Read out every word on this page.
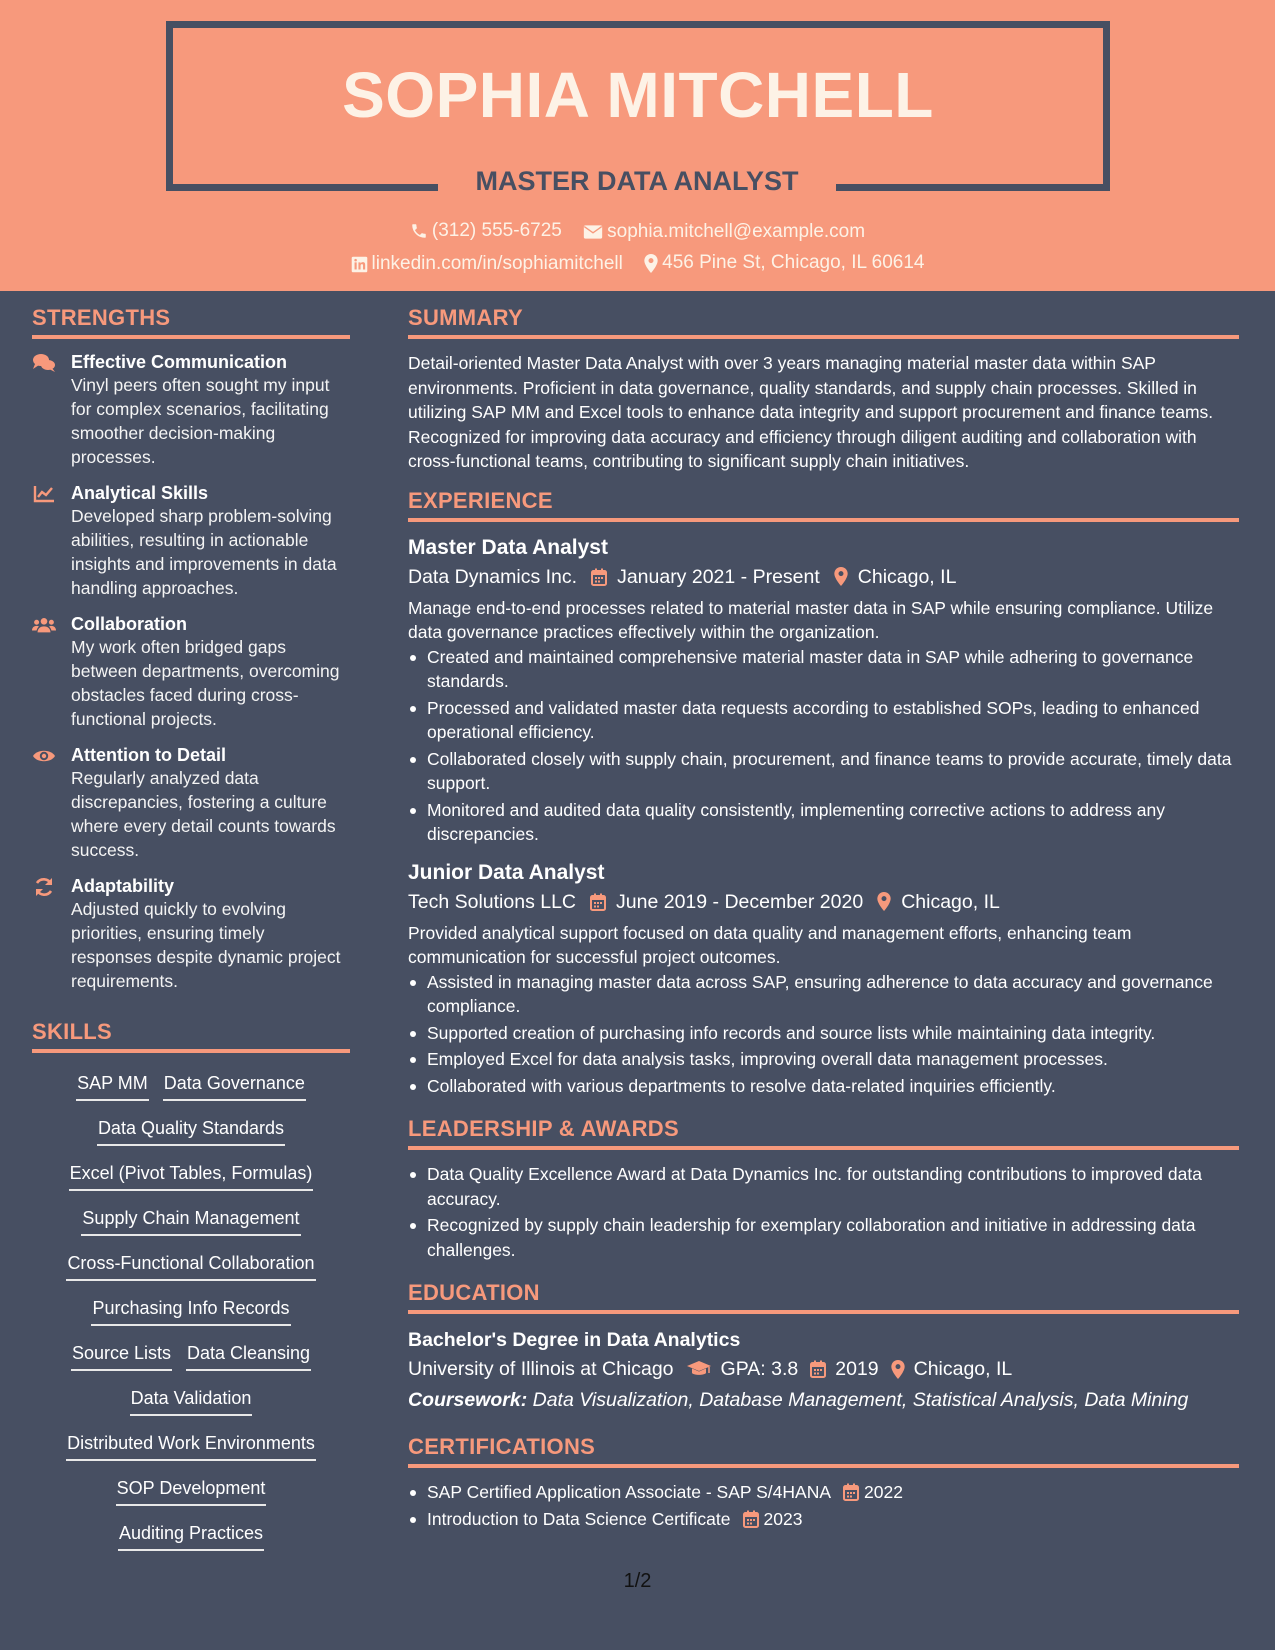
SOPHIA MITCHELL
MASTER DATA ANALYST
(312) 555-6725
sophia.mitchell@example.com
linkedin.com/in/sophiamitchell
456 Pine St, Chicago, IL 60614
STRENGTHS
Effective Communication
Vinyl peers often sought my input for complex scenarios, facilitating smoother decision-making processes.
Analytical Skills
Developed sharp problem-solving abilities, resulting in actionable insights and improvements in data handling approaches.
Collaboration
My work often bridged gaps between departments, overcoming obstacles faced during cross-functional projects.
Attention to Detail
Regularly analyzed data discrepancies, fostering a culture where every detail counts towards success.
Adaptability
Adjusted quickly to evolving priorities, ensuring timely responses despite dynamic project requirements.
SKILLS
SAP MM Data Governance
Data Quality Standards
Excel (Pivot Tables, Formulas)
Supply Chain Management
Cross-Functional Collaboration
Purchasing Info Records
Source Lists Data Cleansing
Data Validation
Distributed Work Environments
SOP Development
Auditing Practices
SUMMARY
Detail-oriented Master Data Analyst with over 3 years managing material master data within SAP environments. Proficient in data governance, quality standards, and supply chain processes. Skilled in utilizing SAP MM and Excel tools to enhance data integrity and support procurement and finance teams. Recognized for improving data accuracy and efficiency through diligent auditing and collaboration with cross-functional teams, contributing to significant supply chain initiatives.
EXPERIENCE
Master Data Analyst
Data Dynamics Inc. January 2021 - Present Chicago, IL
Manage end-to-end processes related to material master data in SAP while ensuring compliance. Utilize data governance practices effectively within the organization.
Created and maintained comprehensive material master data in SAP while adhering to governance standards.
Processed and validated master data requests according to established SOPs, leading to enhanced operational efficiency.
Collaborated closely with supply chain, procurement, and finance teams to provide accurate, timely data support.
Monitored and audited data quality consistently, implementing corrective actions to address any discrepancies.
Junior Data Analyst
Tech Solutions LLC June 2019 - December 2020 Chicago, IL
Provided analytical support focused on data quality and management efforts, enhancing team communication for successful project outcomes.
Assisted in managing master data across SAP, ensuring adherence to data accuracy and governance compliance.
Supported creation of purchasing info records and source lists while maintaining data integrity.
Employed Excel for data analysis tasks, improving overall data management processes.
Collaborated with various departments to resolve data-related inquiries efficiently.
LEADERSHIP & AWARDS
Data Quality Excellence Award at Data Dynamics Inc. for outstanding contributions to improved data accuracy.
Recognized by supply chain leadership for exemplary collaboration and initiative in addressing data challenges.
EDUCATION
Bachelor's Degree in Data Analytics
University of Illinois at Chicago GPA: 3.8 2019 Chicago, IL
Coursework: Data Visualization, Database Management, Statistical Analysis, Data Mining
CERTIFICATIONS
SAP Certified Application Associate - SAP S/4HANA 2022
Introduction to Data Science Certificate 2023
1/2
